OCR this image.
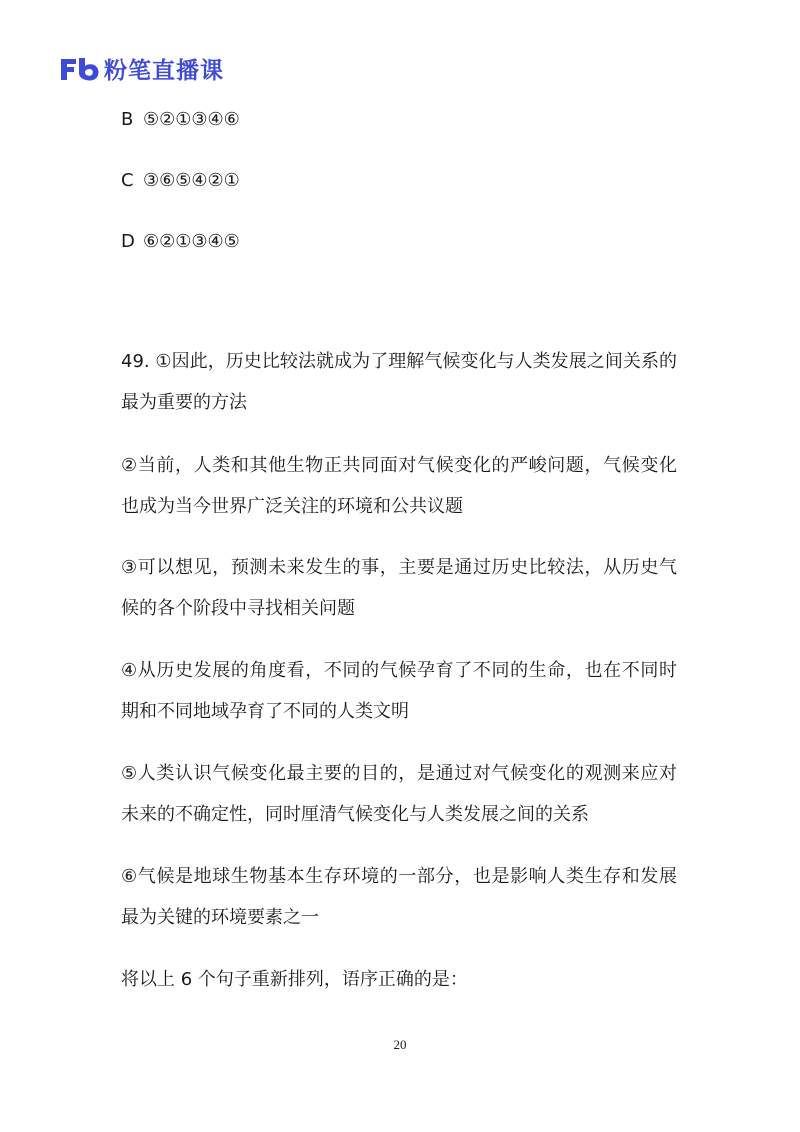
粉笔直播课
B ⑤②①③④⑥
C ③⑥⑤④②①
D ⑥②①③④⑤
49. ①因此，历史比较法就成为了理解气候变化与人类发展之间关系的最为重要的方法
②当前，人类和其他生物正共同面对气候变化的严峻问题，气候变化也成为当今世界广泛关注的环境和公共议题
③可以想见，预测未来发生的事，主要是通过历史比较法，从历史气候的各个阶段中寻找相关问题
④从历史发展的角度看，不同的气候孕育了不同的生命，也在不同时期和不同地域孕育了不同的人类文明
⑤人类认识气候变化最主要的目的，是通过对气候变化的观测来应对未来的不确定性，同时厘清气候变化与人类发展之间的关系
⑥气候是地球生物基本生存环境的一部分，也是影响人类生存和发展最为关键的环境要素之一
将以上 6 个句子重新排列，语序正确的是：
20
